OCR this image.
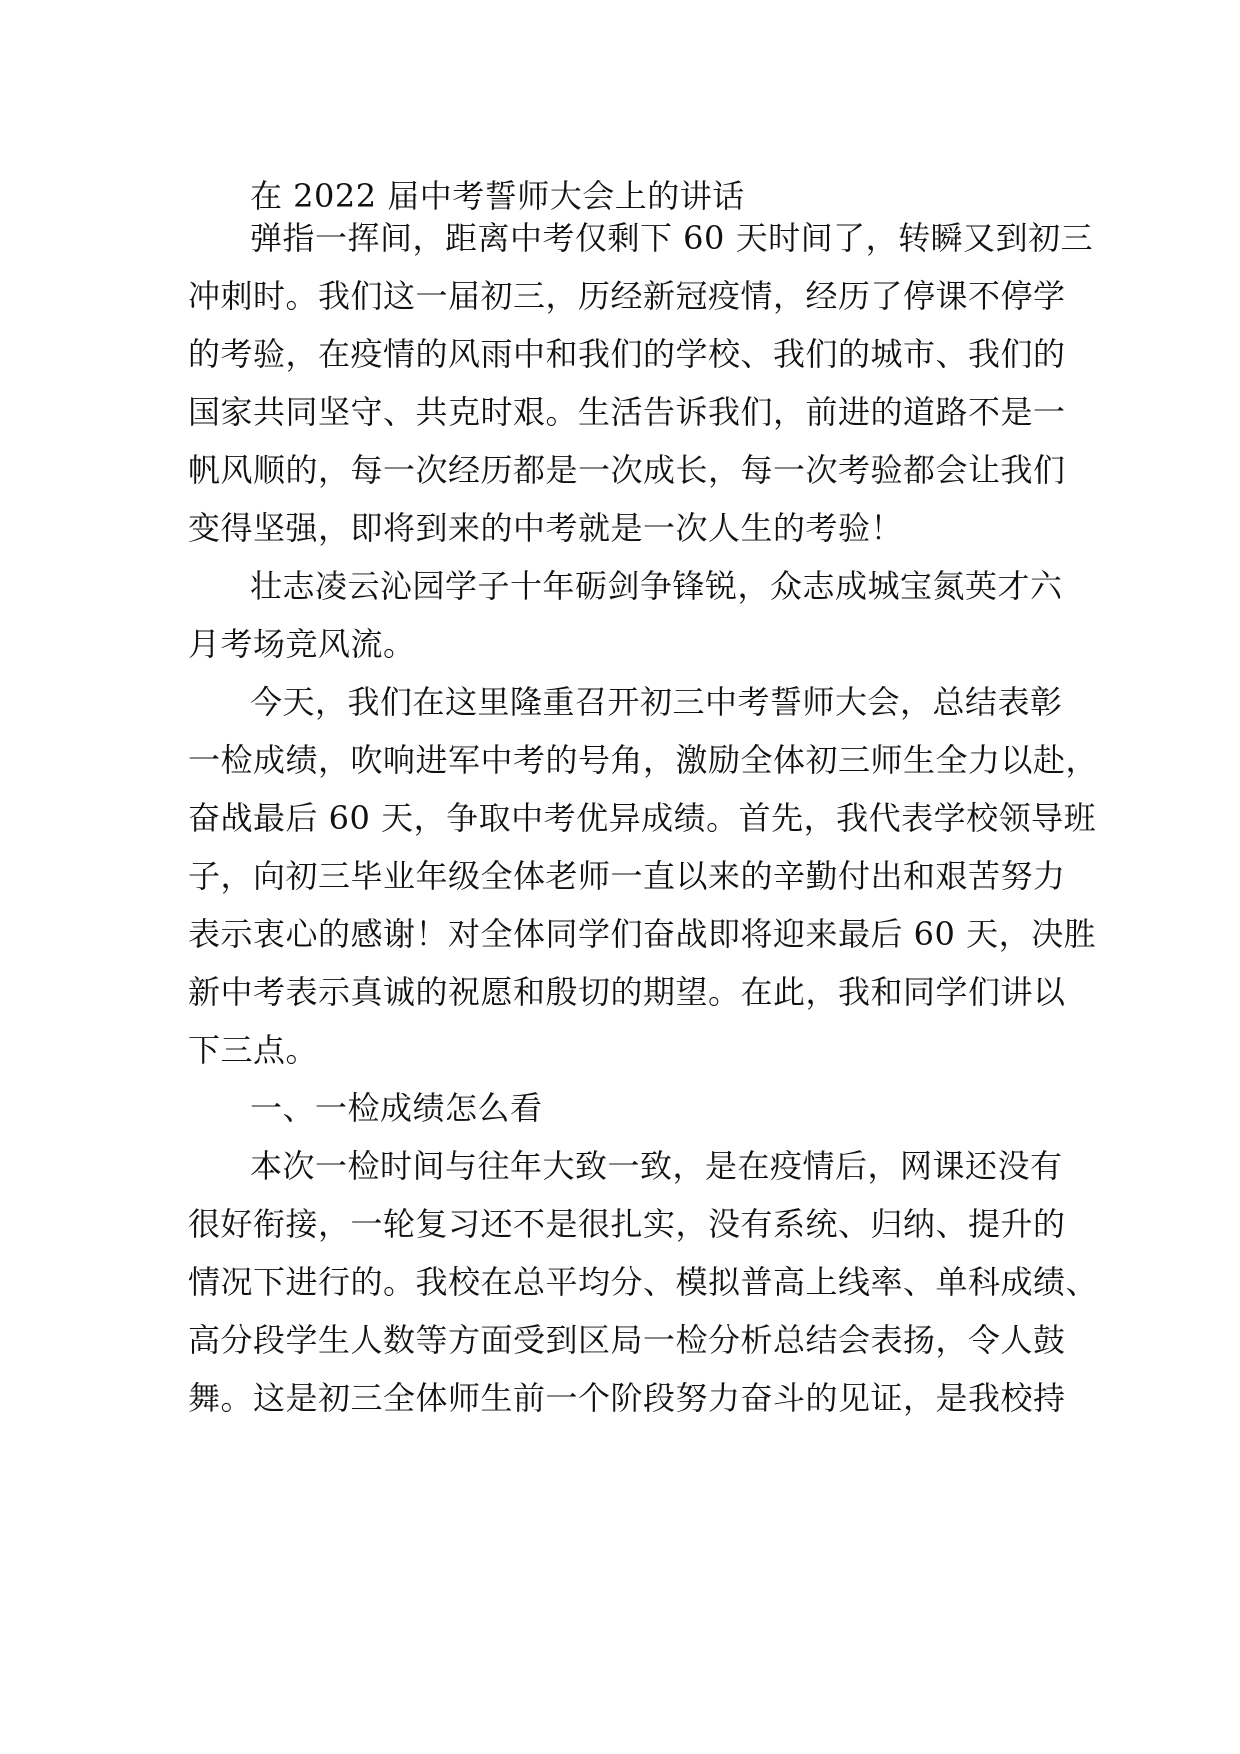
在 2022 届中考誓师大会上的讲话
弹指一挥间，距离中考仅剩下 60 天时间了，转瞬又到初三
冲刺时。我们这一届初三，历经新冠疫情，经历了停课不停学
的考验，在疫情的风雨中和我们的学校、我们的城市、我们的
国家共同坚守、共克时艰。生活告诉我们，前进的道路不是一
帆风顺的，每一次经历都是一次成长，每一次考验都会让我们
变得坚强，即将到来的中考就是一次人生的考验！
壮志凌云沁园学子十年砺剑争锋锐，众志成城宝氮英才六
月考场竞风流。
今天，我们在这里隆重召开初三中考誓师大会，总结表彰
一检成绩，吹响进军中考的号角，激励全体初三师生全力以赴，
奋战最后 60 天，争取中考优异成绩。首先，我代表学校领导班
子，向初三毕业年级全体老师一直以来的辛勤付出和艰苦努力
表示衷心的感谢！对全体同学们奋战即将迎来最后 60 天，决胜
新中考表示真诚的祝愿和殷切的期望。在此，我和同学们讲以
下三点。
一、一检成绩怎么看
本次一检时间与往年大致一致，是在疫情后，网课还没有
很好衔接，一轮复习还不是很扎实，没有系统、归纳、提升的
情况下进行的。我校在总平均分、模拟普高上线率、单科成绩、
高分段学生人数等方面受到区局一检分析总结会表扬，令人鼓
舞。这是初三全体师生前一个阶段努力奋斗的见证，是我校持
